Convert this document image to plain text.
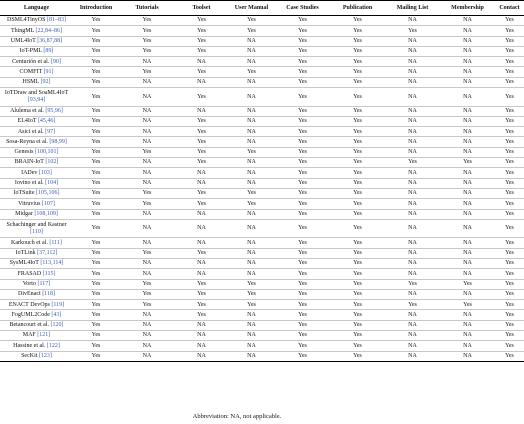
Language	Introduction	Tutorials	Toolset	User Manual	Case Studies	Publication	Mailing List	Membership	Contact
DSML4TinyOS [81–83]	Yes	Yes	Yes	Yes	Yes	Yes	NA	NA	Yes
ThingML [22,84–86]	Yes	Yes	Yes	Yes	Yes	Yes	Yes	NA	Yes
UML4IoT [36,87,88]	Yes	Yes	Yes	NA	Yes	Yes	NA	NA	Yes
IoT-PML [89]	Yes	Yes	Yes	NA	Yes	Yes	NA	NA	Yes
Centurión et al. [90]	Yes	NA	NA	NA	Yes	Yes	NA	NA	Yes
COMFIT [91]	Yes	Yes	Yes	Yes	Yes	Yes	NA	NA	Yes
HSML [92]	Yes	NA	NA	NA	Yes	Yes	NA	NA	Yes
IoTDraw and SoaML4IoT [93,94]	Yes	NA	Yes	NA	Yes	Yes	NA	NA	Yes
Alulema et al. [95,96]	Yes	NA	NA	NA	Yes	Yes	NA	NA	Yes
EL4IoT [45,46]	Yes	NA	Yes	NA	Yes	Yes	NA	NA	Yes
Asici et al. [97]	Yes	NA	Yes	NA	Yes	Yes	NA	NA	Yes
Sosa-Reyna et al. [98,99]	Yes	NA	Yes	NA	Yes	Yes	NA	NA	Yes
Genesis [100,101]	Yes	Yes	Yes	Yes	Yes	Yes	NA	NA	Yes
BRAIN-IoT [102]	Yes	NA	Yes	NA	Yes	Yes	Yes	Yes	Yes
IADev [103]	Yes	NA	NA	NA	Yes	Yes	NA	NA	Yes
Iovino et al. [104]	Yes	NA	NA	NA	Yes	Yes	NA	NA	Yes
IoTSuite [105,106]	Yes	Yes	Yes	Yes	Yes	Yes	NA	NA	Yes
Vitruvius [107]	Yes	Yes	Yes	Yes	Yes	Yes	NA	NA	Yes
Midgar [108,109]	Yes	NA	NA	NA	Yes	Yes	NA	NA	Yes
Schachinger and Kastner [110]	Yes	NA	NA	NA	Yes	Yes	NA	NA	Yes
Karkouch et al. [111]	Yes	NA	NA	NA	Yes	Yes	NA	NA	Yes
IoTLink [37,112]	Yes	Yes	Yes	NA	Yes	Yes	NA	NA	Yes
SysML4IoT [113,114]	Yes	NA	NA	NA	Yes	Yes	NA	NA	Yes
FRASAD [115]	Yes	NA	NA	NA	Yes	Yes	NA	NA	Yes
Vorto [117]	Yes	Yes	Yes	Yes	Yes	Yes	Yes	Yes	Yes
DivEnact [118]	Yes	Yes	Yes	Yes	Yes	Yes	NA	NA	Yes
ENACT DevOps [119]	Yes	Yes	Yes	Yes	Yes	Yes	Yes	Yes	Yes
FogUML2Code [43]	Yes	NA	Yes	NA	Yes	Yes	NA	NA	Yes
Betancourt et al. [120]	Yes	NA	NA	NA	Yes	Yes	NA	NA	Yes
MAF [121]	Yes	NA	NA	NA	Yes	Yes	NA	NA	Yes
Hassine et al. [122]	Yes	NA	NA	NA	Yes	Yes	NA	NA	Yes
SecKit [123]	Yes	NA	NA	NA	Yes	Yes	NA	NA	Yes
Abbreviation: NA, not applicable.
